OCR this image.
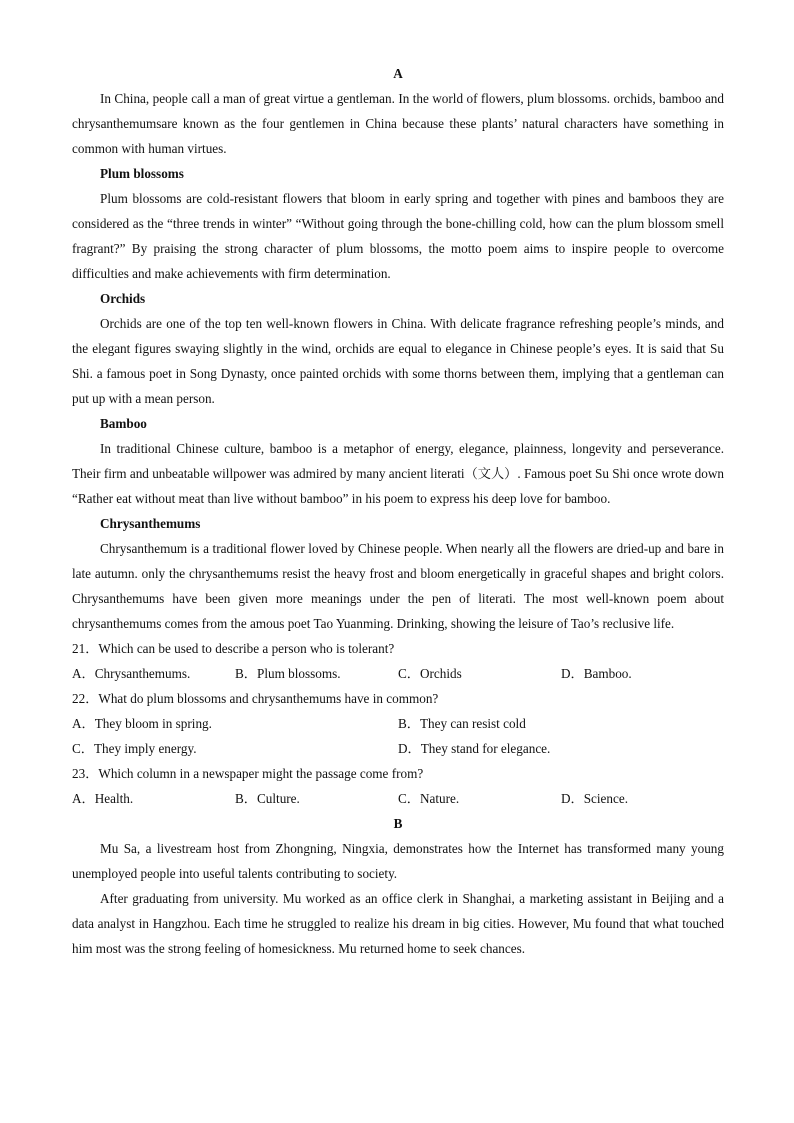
A

In China, people call a man of great virtue a gentleman. In the world of flowers, plum blossoms. orchids, bamboo and chrysanthemumsare known as the four gentlemen in China because these plants’ natural characters have something in common with human virtues.

Plum blossoms

Plum blossoms are cold-resistant flowers that bloom in early spring and together with pines and bamboos they are considered as the “three trends in winter” “Without going through the bone-chilling cold, how can the plum blossom smell fragrant?” By praising the strong character of plum blossoms, the motto poem aims to inspire people to overcome difficulties and make achievements with firm determination.

Orchids

Orchids are one of the top ten well-known flowers in China. With delicate fragrance refreshing people’s minds, and the elegant figures swaying slightly in the wind, orchids are equal to elegance in Chinese people’s eyes. It is said that Su Shi. a famous poet in Song Dynasty, once painted orchids with some thorns between them, implying that a gentleman can put up with a mean person.

Bamboo

In traditional Chinese culture, bamboo is a metaphor of energy, elegance, plainness, longevity and perseverance. Their firm and unbeatable willpower was admired by many ancient literati（文人）. Famous poet Su Shi once wrote down “Rather eat without meat than live without bamboo” in his poem to express his deep love for bamboo.

Chrysanthemums

Chrysanthemum is a traditional flower loved by Chinese people. When nearly all the flowers are dried-up and bare in late autumn. only the chrysanthemums resist the heavy frost and bloom energetically in graceful shapes and bright colors. Chrysanthemums have been given more meanings under the pen of literati. The most well-known poem about chrysanthemums comes from the amous poet Tao Yuanming. Drinking, showing the leisure of Tao’s reclusive life.

21．Which can be used to describe a person who is tolerant?
A．Chrysanthemums.	B．Plum blossoms.	C．Orchids	D．Bamboo.
22．What do plum blossoms and chrysanthemums have in common?
A．They bloom in spring.	B．They can resist cold
C．They imply energy.	D．They stand for elegance.
23．Which column in a newspaper might the passage come from?
A．Health.	B．Culture.	C．Nature.	D．Science.
B

Mu Sa, a livestream host from Zhongning, Ningxia, demonstrates how the Internet has transformed many young unemployed people into useful talents contributing to society.

After graduating from university. Mu worked as an office clerk in Shanghai, a marketing assistant in Beijing and a data analyst in Hangzhou. Each time he struggled to realize his dream in big cities. However, Mu found that what touched him most was the strong feeling of homesickness. Mu returned home to seek chances.
